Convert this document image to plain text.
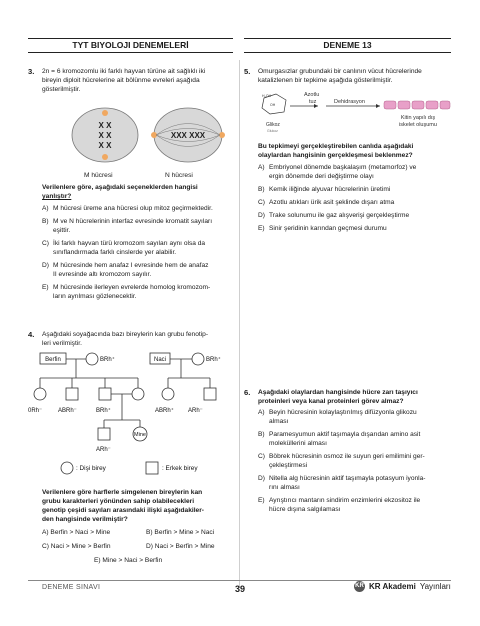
TYT BIYOLOJI DENEMELERİ	DENEME 13
3. 2n = 6 kromozomlu iki farklı hayvan türüne ait sağlıklı iki

bireyin diploit hücrelerine ait bölünme evreleri aşağıda

gösterilmiştir.

X X
X X
X X
XXX XXX
M hücresi	N hücresi

Verilenlere göre, aşağıdaki seçeneklerden hangisi

yanlıştır?

A) M hücresi üreme ana hücresi olup mitoz geçirmektedir.
B) M ve N hücrelerinin interfaz evresinde kromatit sayıları
eşittir.
C) İki farklı hayvan türü kromozom sayıları aynı olsa da
sınıflandırmada farklı cinslerde yer alabilir.
D) M hücresinde hem anafaz I evresinde hem de anafaz
II evresinde altı kromozom sayılır.
E) M hücresinde ilerleyen evrelerde homolog kromozom-
ların ayrılması gözlenecektir.
4. Aşağıdaki soyağacında bazı bireylerin kan grubu fenotip-

leri verilmiştir.

Berfin	BRh⁺	Naci	BRh⁺
0Rh⁻	ABRh⁻	BRh⁺	ABRh⁺ ARh⁻
Mine
ARh⁻
: Dişi birey	: Erkek birey

Verilenlere göre harflerle simgelenen bireylerin kan

grubu karakterleri yönünden sahip olabilecekleri

genotip çeşidi sayıları arasındaki ilişki aşağıdakiler-

den hangisinde verilmiştir?

A) Berfin > Naci > Mine	B) Berfin > Mine > Naci
C) Naci > Mine > Berfin	D) Naci > Berfin > Mine
E) Mine > Naci > Berfin
5. Omurgasızlar grubundaki bir canlının vücut hücrelerinde

katalizlenen bir tepkime aşağıda gösterilmiştir.

H₂OH
OH
Glikoz
Glukoz
Azotlu
tuz	Dehidrasyon
Kitin yapılı dış
iskelet oluşumu

Bu tepkimeyi gerçekleştirebilen canlıda aşağıdaki

olaylardan hangisinin gerçekleşmesi beklenmez?

A) Embriyonel dönemde başkalaşım (metamorfoz) ve
ergin dönemde deri değiştirme olayı
B) Kemik iliğinde alyuvar hücrelerinin üretimi
C) Azotlu atıkları ürik asit şeklinde dışarı atma
D) Trake solunumu ile gaz alışverişi gerçekleştirme
E) Sinir şeridinin karından geçmesi durumu
6. Aşağıdaki olaylardan hangisinde hücre zarı taşıyıcı

proteinleri veya kanal proteinleri görev almaz?

A) Beyin hücresinin kolaylaştırılmış difüzyonla glikozu
alması
B) Paramesyumun aktif taşımayla dışarıdan amino asit
moleküllerini alması
C) Böbrek hücresinin osmoz ile suyun geri emilimini ger-
çekleştirmesi
D) Nitella alg hücresinin aktif taşımayla potasyum iyonla-
rını alması
E) Ayrıştırıcı mantarın sindirim enzimlerini ekzositoz ile
hücre dışına salgılaması
DENEME SINAVI	39	KR KR Akademi Yayınları
